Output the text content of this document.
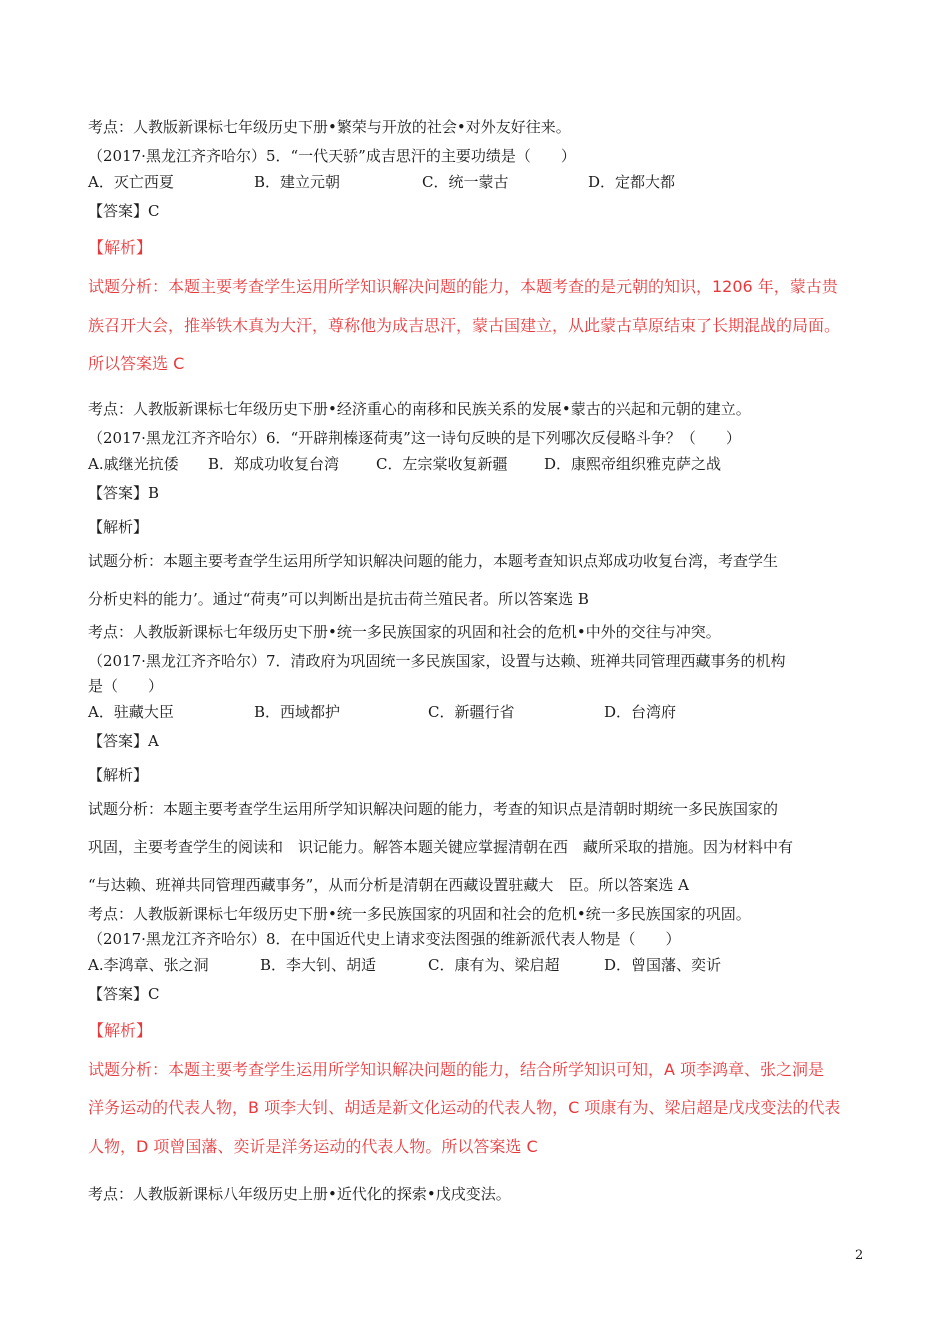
考点：人教版新课标七年级历史下册•繁荣与开放的社会•对外友好往来。
（2017·黑龙江齐齐哈尔）5．“一代天骄”成吉思汗的主要功绩是（　　）
A．灭亡西夏	B．建立元朝	C．统一蒙古	D．定都大都
【答案】C
【解析】
试题分析：本题主要考查学生运用所学知识解决问题的能力，本题考查的是元朝的知识，1206 年，蒙古贵
族召开大会，推举铁木真为大汗，尊称他为成吉思汗，蒙古国建立，从此蒙古草原结束了长期混战的局面。
所以答案选 C
考点：人教版新课标七年级历史下册•经济重心的南移和民族关系的发展•蒙古的兴起和元朝的建立。
（2017·黑龙江齐齐哈尔）6．“开辟荆榛逐荷夷”这一诗句反映的是下列哪次反侵略斗争？（　　）
A.戚继光抗倭 B．郑成功收复台湾 C．左宗棠收复新疆 D．康熙帝组织雅克萨之战
【答案】B
【解析】
试题分析：本题主要考查学生运用所学知识解决问题的能力，本题考查知识点郑成功收复台湾，考查学生
分析史料的能力’。通过“荷夷”可以判断出是抗击荷兰殖民者。所以答案选 B
考点：人教版新课标七年级历史下册•统一多民族国家的巩固和社会的危机•中外的交往与冲突。
（2017·黑龙江齐齐哈尔）7．清政府为巩固统一多民族国家，设置与达赖、班禅共同管理西藏事务的机构
是（　　）
A．驻藏大臣	B．西域都护	C．新疆行省	D．台湾府
【答案】A
【解析】
试题分析：本题主要考查学生运用所学知识解决问题的能力，考查的知识点是清朝时期统一多民族国家的
巩固，主要考查学生的阅读和　识记能力。解答本题关键应掌握清朝在西　藏所采取的措施。因为材料中有
“与达赖、班禅共同管理西藏事务”，从而分析是清朝在西藏设置驻藏大　臣。所以答案选 A
考点：人教版新课标七年级历史下册•统一多民族国家的巩固和社会的危机•统一多民族国家的巩固。
（2017·黑龙江齐齐哈尔）8．在中国近代史上请求变法图强的维新派代表人物是（　　）
A.李鸿章、张之洞	B．李大钊、胡适	C．康有为、梁启超	D．曾国藩、奕䜣
【答案】C
【解析】
试题分析：本题主要考查学生运用所学知识解决问题的能力，结合所学知识可知，A 项李鸿章、张之洞是
洋务运动的代表人物，B 项李大钊、胡适是新文化运动的代表人物，C 项康有为、梁启超是戊戌变法的代表
人物，D 项曾国藩、奕䜣是洋务运动的代表人物。所以答案选 C
考点：人教版新课标八年级历史上册•近代化的探索•戊戌变法。
2
